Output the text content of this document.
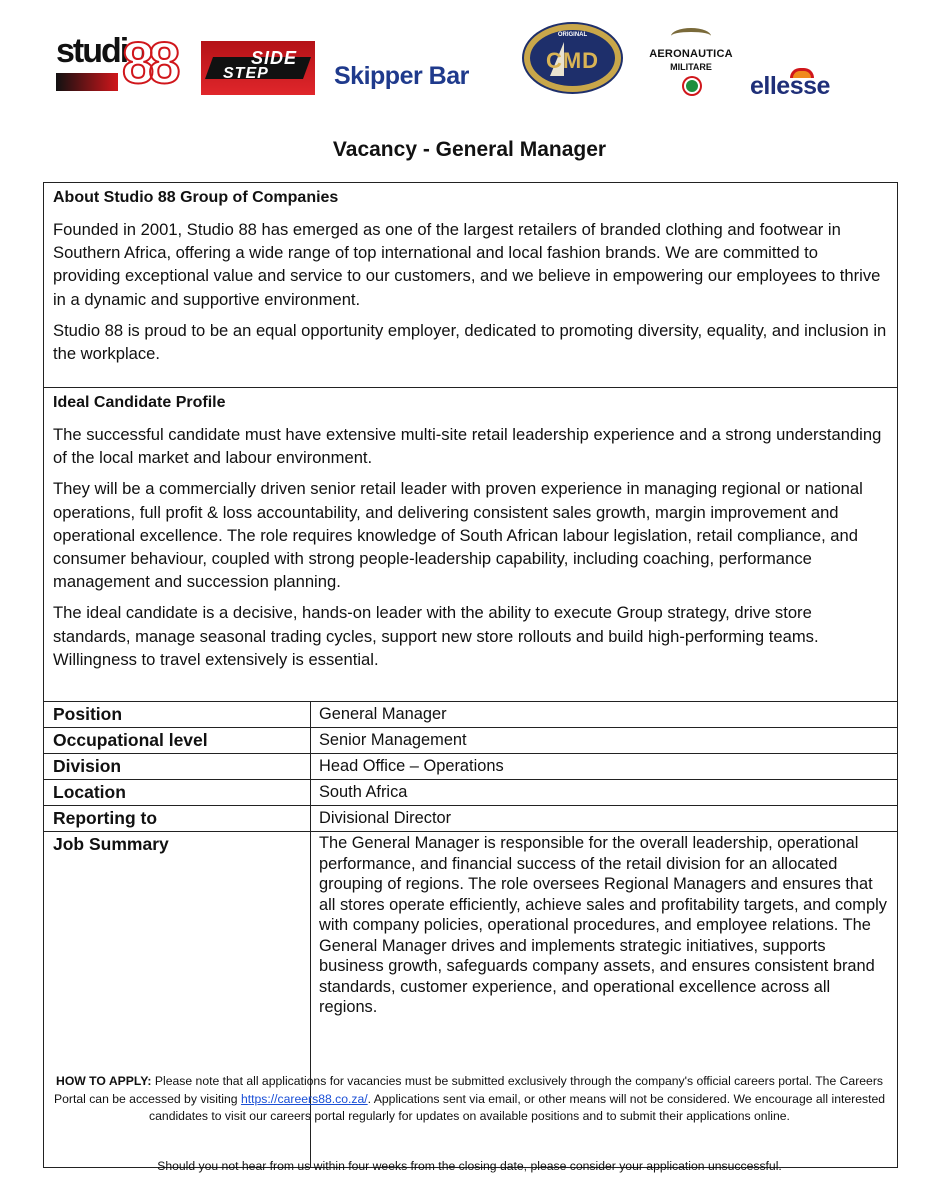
studio
88	SIDE
STEP	Skipper Bar
ORIGINAL
CMD	AERONAUTICA
MILITARE
ellesse
Vacancy - General Manager
About Studio 88 Group of Companies

Founded in 2001, Studio 88 has emerged as one of the largest retailers of branded clothing and footwear in Southern Africa, offering a wide range of top international and local fashion brands. We are committed to providing exceptional value and service to our customers, and we believe in empowering our employees to thrive in a dynamic and supportive environment.

Studio 88 is proud to be an equal opportunity employer, dedicated to promoting diversity, equality, and inclusion in the workplace.

Ideal Candidate Profile

The successful candidate must have extensive multi-site retail leadership experience and a strong understanding of the local market and labour environment.

They will be a commercially driven senior retail leader with proven experience in managing regional or national operations, full profit & loss accountability, and delivering consistent sales growth, margin improvement and operational excellence. The role requires knowledge of South African labour legislation, retail compliance, and consumer behaviour, coupled with strong people-leadership capability, including coaching, performance management and succession planning.

The ideal candidate is a decisive, hands-on leader with the ability to execute Group strategy, drive store standards, manage seasonal trading cycles, support new store rollouts and build high-performing teams. Willingness to travel extensively is essential.

Position	General Manager
Occupational level	Senior Management
Division	Head Office – Operations
Location	South Africa
Reporting to	Divisional Director
Job Summary	The General Manager is responsible for the overall leadership, operational performance, and financial success of the retail division for an allocated grouping of regions. The role oversees Regional Managers and ensures that all stores operate efficiently, achieve sales and profitability targets, and comply with company policies, operational procedures, and employee relations. The General Manager drives and implements strategic initiatives, supports business growth, safeguards company assets, and ensures consistent brand standards, customer experience, and operational excellence across all regions.
HOW TO APPLY: Please note that all applications for vacancies must be submitted exclusively through the company's official careers portal. The Careers Portal can be accessed by visiting https://careers88.co.za/. Applications sent via email, or other means will not be considered. We encourage all interested candidates to visit our careers portal regularly for updates on available positions and to submit their applications online.
Should you not hear from us within four weeks from the closing date, please consider your application unsuccessful.
